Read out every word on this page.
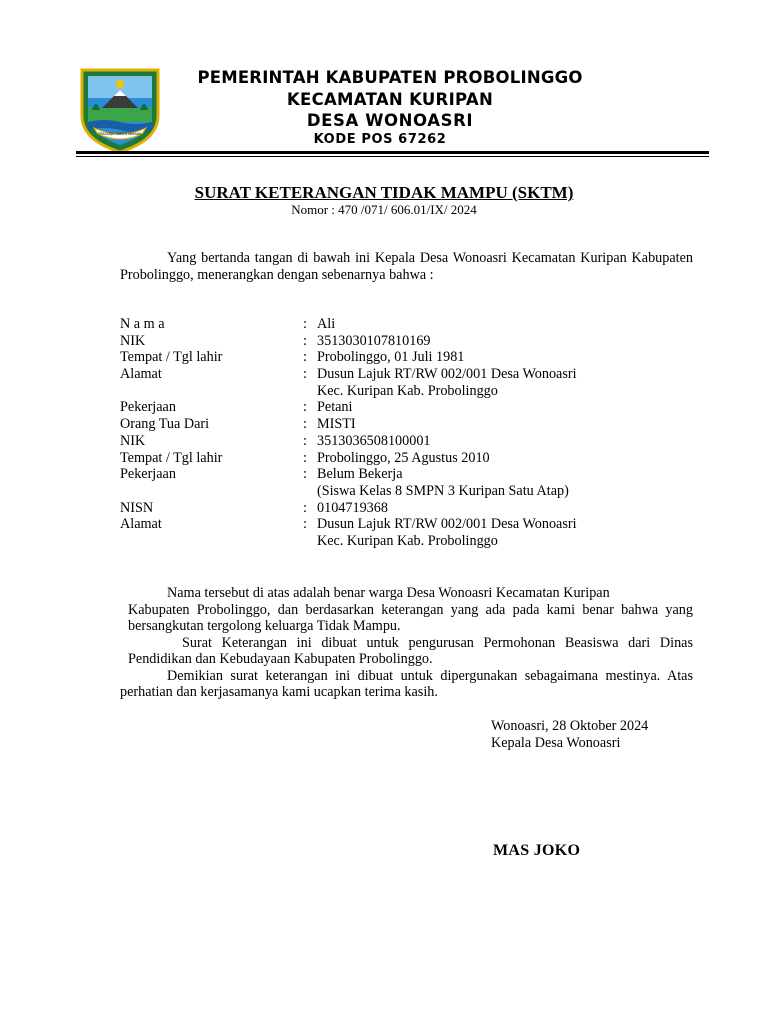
PRASADJA NGESTI WIBAWA
PEMERINTAH KABUPATEN PROBOLINGGO
KECAMATAN KURIPAN
DESA WONOASRI
KODE POS 67262
SURAT KETERANGAN TIDAK MAMPU (SKTM)
Nomor : 470 /071/ 606.01/IX/ 2024
Yang bertanda tangan di bawah ini Kepala Desa Wonoasri Kecamatan Kuripan Kabupaten Probolinggo, menerangkan dengan sebenarnya bahwa :
N a m a	: Ali
NIK	: 3513030107810169
Tempat / Tgl lahir	: Probolinggo, 01 Juli 1981
Alamat	: Dusun Lajuk RT/RW 002/001 Desa Wonoasri
Kec. Kuripan Kab. Probolinggo
Pekerjaan	: Petani
Orang Tua Dari	: MISTI
NIK	: 3513036508100001
Tempat / Tgl lahir	: Probolinggo, 25 Agustus 2010
Pekerjaan	: Belum Bekerja
(Siswa Kelas 8 SMPN 3 Kuripan Satu Atap)
NISN	: 0104719368
Alamat	: Dusun Lajuk RT/RW 002/001 Desa Wonoasri
Kec. Kuripan Kab. Probolinggo

Nama tersebut di atas adalah benar warga Desa Wonoasri Kecamatan Kuripan

Kabupaten Probolinggo, dan berdasarkan keterangan yang ada pada kami benar bahwa yang bersangkutan tergolong keluarga Tidak Mampu.

Surat Keterangan ini dibuat untuk pengurusan Permohonan Beasiswa dari Dinas Pendidikan dan Kebudayaan Kabupaten Probolinggo.

Demikian surat keterangan ini dibuat untuk dipergunakan sebagaimana mestinya. Atas perhatian dan kerjasamanya kami ucapkan terima kasih.

Wonoasri, 28 Oktober 2024
Kepala Desa Wonoasri
MAS JOKO
